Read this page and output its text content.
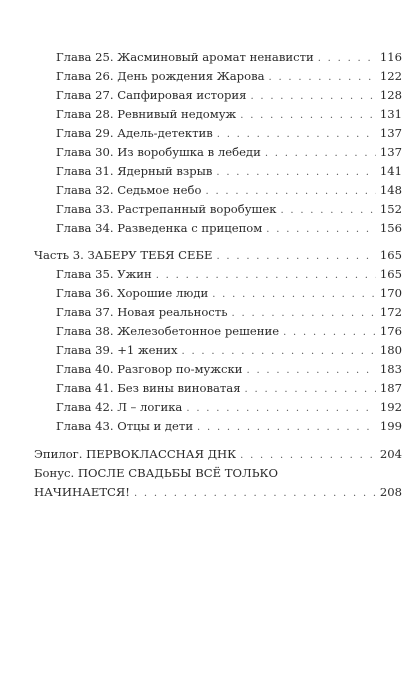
Глава 25. Жасминовый аромат ненависти . . .	116
Глава 26. День рождения Жарова . . .	122
Глава 27. Сапфировая история . . .	128
Глава 28. Ревнивый недомуж . . .	131
Глава 29. Адель-детектив . . .	137
Глава 30. Из воробушка в лебеди . . .	137
Глава 31. Ядерный взрыв . . .	141
Глава 32. Седьмое небо . . .	148
Глава 33. Растрепанный воробушек . . .	152
Глава 34. Разведенка с прицепом . . .	156
Часть 3. ЗАБЕРУ ТЕБЯ СЕБЕ . . .	165
Глава 35. Ужин . . .	165
Глава 36. Хорошие люди . . .	170
Глава 37. Новая реальность . . .	172
Глава 38. Железобетонное решение . . .	176
Глава 39. +1 жених . . .	180
Глава 40. Разговор по-мужски . . .	183
Глава 41. Без вины виноватая . . .	187
Глава 42. Л – логика . . .	192
Глава 43. Отцы и дети . . .	199
Эпилог. ПЕРВОКЛАССНАЯ ДНК . . .	204
Бонус. ПОСЛЕ СВАДЬБЫ ВСЁ ТОЛЬКО
НАЧИНАЕТСЯ! . . .	208
